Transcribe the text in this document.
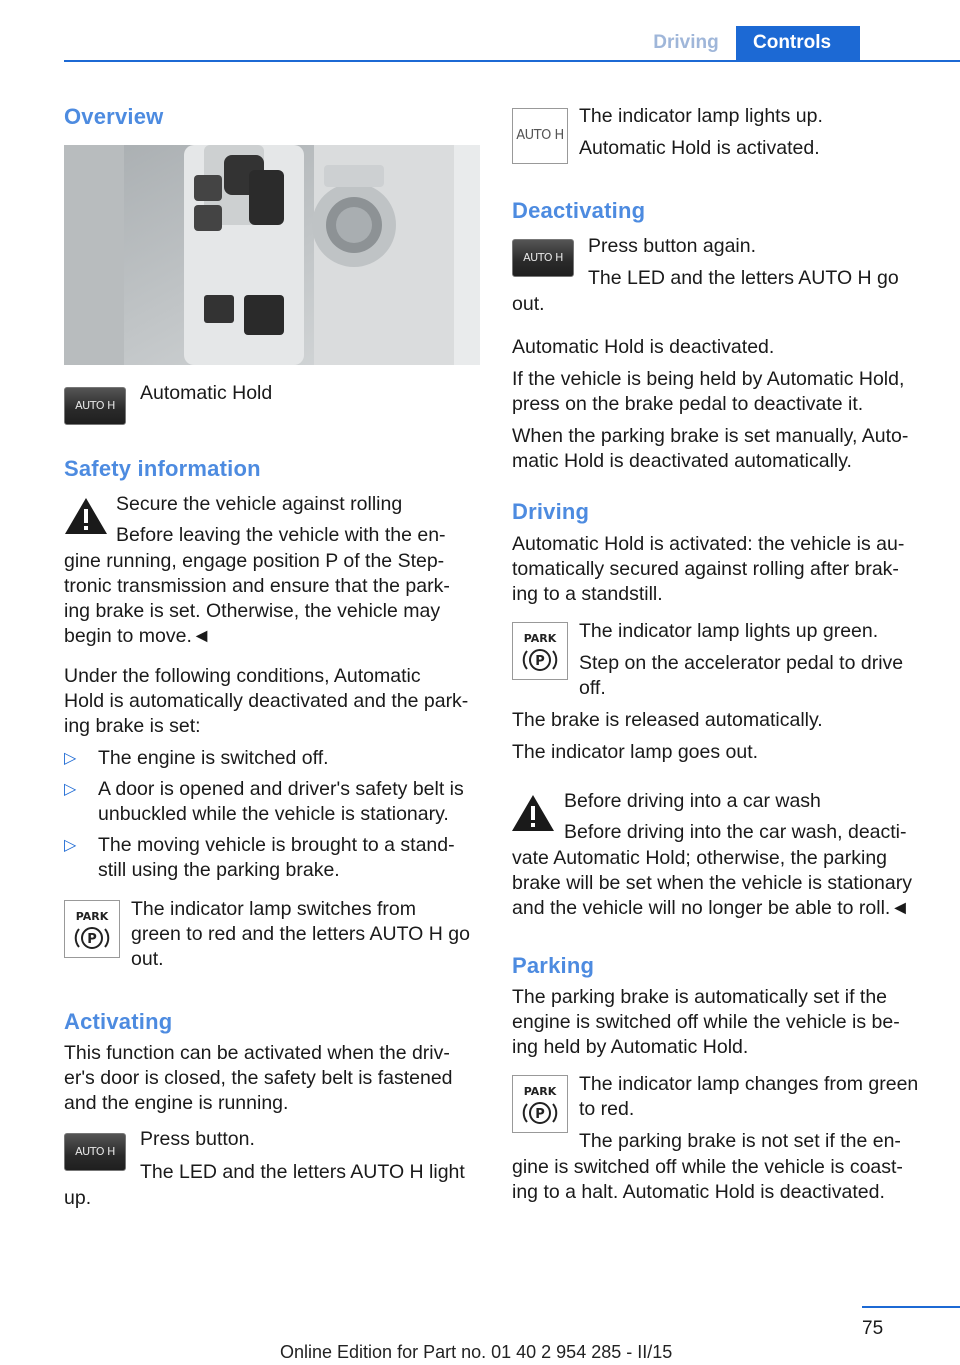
Driving	Controls
Overview
AUTO H

Automatic Hold

Safety information

Secure the vehicle against rolling

Before leaving the vehicle with the en-

gine running, engage position P of the Step-
tronic transmission and ensure that the park-
ing brake is set. Otherwise, the vehicle may
begin to move.◄
Under the following conditions, Automatic
Hold is automatically deactivated and the park-
ing brake is set:
▷ The engine is switched off.
▷ A door is opened and driver's safety belt is
unbuckled while the vehicle is stationary.
▷ The moving vehicle is brought to a stand-
still using the parking brake.
PARK
P
The indicator lamp switches from
green to red and the letters AUTO H go
out.
Activating
This function can be activated when the driv-
er's door is closed, the safety belt is fastened
and the engine is running.
AUTO H

Press button.

The LED and the letters AUTO H light

up.

AUTO H

The indicator lamp lights up.

Automatic Hold is activated.

Deactivating
AUTO H

Press button again.

The LED and the letters AUTO H go

out.

Automatic Hold is deactivated.

If the vehicle is being held by Automatic Hold,
press on the brake pedal to deactivate it.
When the parking brake is set manually, Auto-
matic Hold is deactivated automatically.
Driving
Automatic Hold is activated: the vehicle is au-
tomatically secured against rolling after brak-
ing to a standstill.
PARK
P

The indicator lamp lights up green.

Step on the accelerator pedal to drive
off.

The brake is released automatically.

The indicator lamp goes out.

Before driving into a car wash

Before driving into the car wash, deacti-

vate Automatic Hold; otherwise, the parking
brake will be set when the vehicle is stationary
and the vehicle will no longer be able to roll.◄
Parking
The parking brake is automatically set if the
engine is switched off while the vehicle is be-
ing held by Automatic Hold.
PARK
P
The indicator lamp changes from green
to red.

The parking brake is not set if the en-

gine is switched off while the vehicle is coast-
ing to a halt. Automatic Hold is deactivated.
75
Online Edition for Part no. 01 40 2 954 285 - II/15
